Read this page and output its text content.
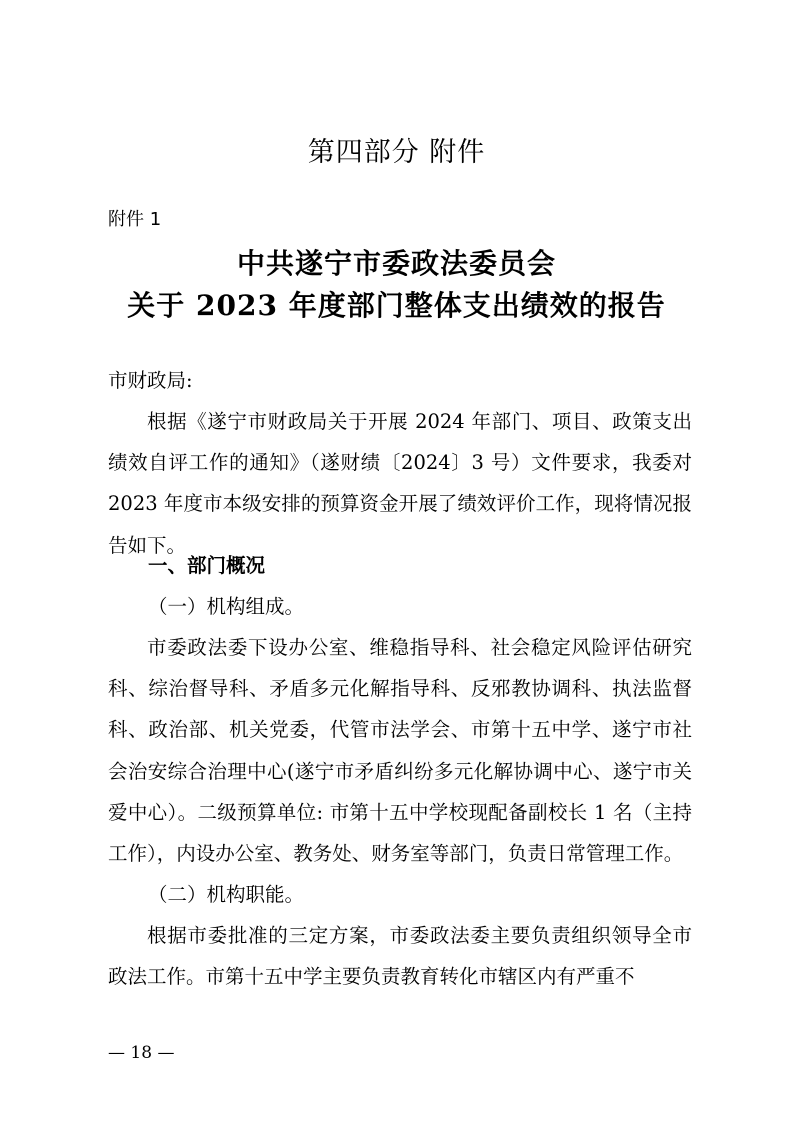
第四部分 附件
附件 1
中共遂宁市委政法委员会
关于 2023 年度部门整体支出绩效的报告
市财政局:

根据《遂宁市财政局关于开展 2024 年部门、项目、政策支出绩效自评工作的通知》（遂财绩〔2024〕3 号）文件要求，我委对 2023 年度市本级安排的预算资金开展了绩效评价工作，现将情况报告如下。

一、部门概况
（一）机构组成。

市委政法委下设办公室、维稳指导科、社会稳定风险评估研究科、综治督导科、矛盾多元化解指导科、反邪教协调科、执法监督科、政治部、机关党委，代管市法学会、市第十五中学、遂宁市社会治安综合治理中心(遂宁市矛盾纠纷多元化解协调中心、遂宁市关爱中心）。二级预算单位: 市第十五中学校现配备副校长 1 名（主持工作），内设办公室、教务处、财务室等部门，负责日常管理工作。

（二）机构职能。

根据市委批准的三定方案，市委政法委主要负责组织领导全市政法工作。市第十五中学主要负责教育转化市辖区内有严重不

— 18 —
